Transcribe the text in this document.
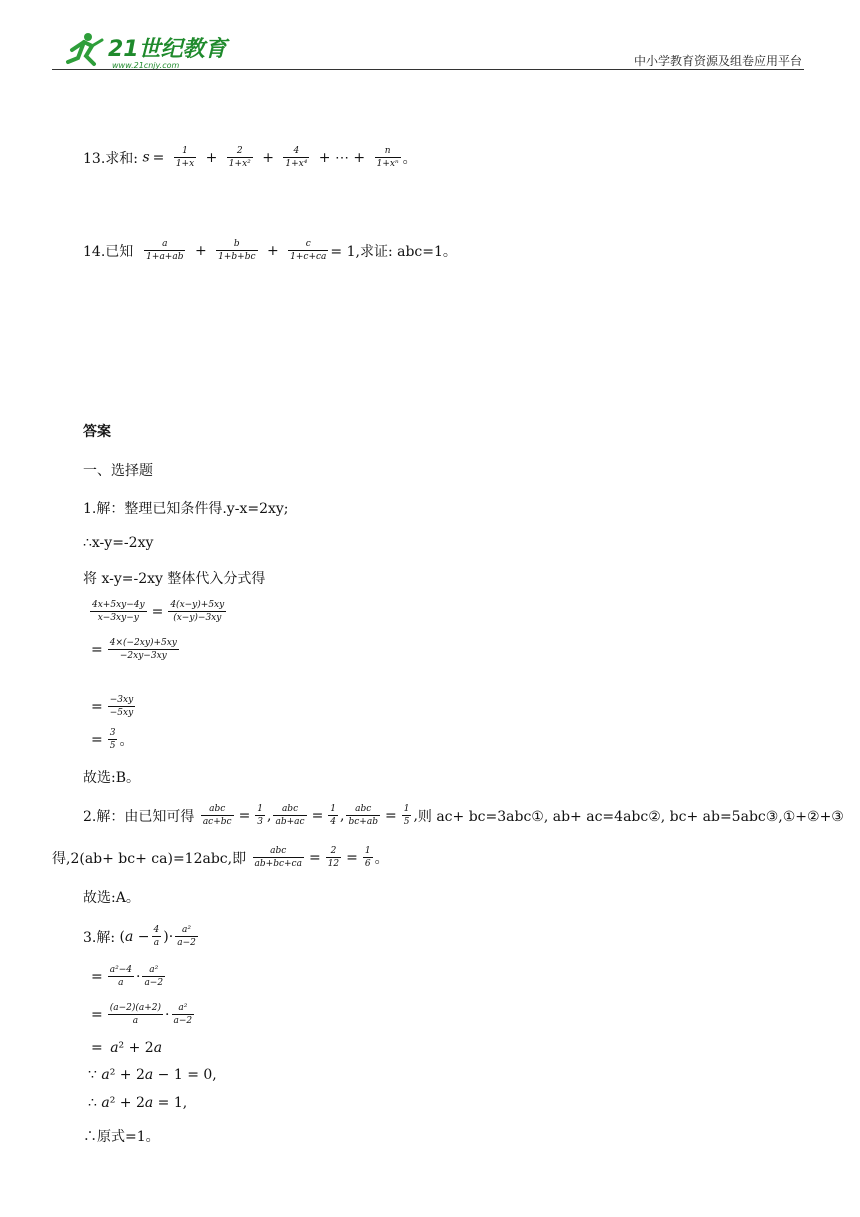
21世纪教育
www.21cnjy.com	中小学教育资源及组卷应用平台
13.求和: $s = \frac{1}{1+x} + \frac{2}{\text{1+x²}} + \frac{4}{\text{1+x⁴}}$ + ⋯ + $\frac{n}{\text{1+xⁿ}}$ 。
14.已知
$\frac{a}{1+a+ab} + \frac{b}{1+b+bc} + \frac{c}{1+c+ca} = 1$,求证: abc=1。
答案
一、选择题
1.解：整理已知条件得.y-x=2xy;
∴x-y=-2xy
将 x-y=-2xy 整体代入分式得
$\frac{4x+5xy-4y}{x-3xy-y} = \frac{4(x-y)+5xy}{(x-y)-3xy}$
= $\frac{4\times(-2xy)+5xy}{-2xy-3xy}$
= $\frac{-3xy}{-5xy}$
= $\frac{3}{5}$ 。
故选:B。
2.解：由已知可得
$\frac{\text{abc}}{ac+bc} = \frac{1}{3}$ , $\frac{\text{abc}}{ab+ac} = \frac{1}{4}$ , $\frac{\text{abc}}{bc+ab} = \frac{1}{5}$ , 则 ac+ bc=3abc①, ab+ ac=4abc②, bc+ ab=5abc③,①+②+③
得,2(ab+ bc+ ca)=12abc,即
$\frac{\text{abc}}{ab+bc+ca} = \frac{2}{12} = \frac{1}{6}$ 。
故选:A。
3.解: ($a - \frac{4}{a}$ )· $\frac{\text{a²}}{a-2}$
= $\frac{\text{a²−4}}{a} \cdot \frac{\text{a²}}{a-2}$
= $\frac{(a-2)(a+2)}{a} \cdot \frac{\text{a²}}{a-2}$
=
a ² + 2 a
∵ a ² + 2 a − 1 = 0,
∴ a ² + 2 a = 1,
∴原式=1。
